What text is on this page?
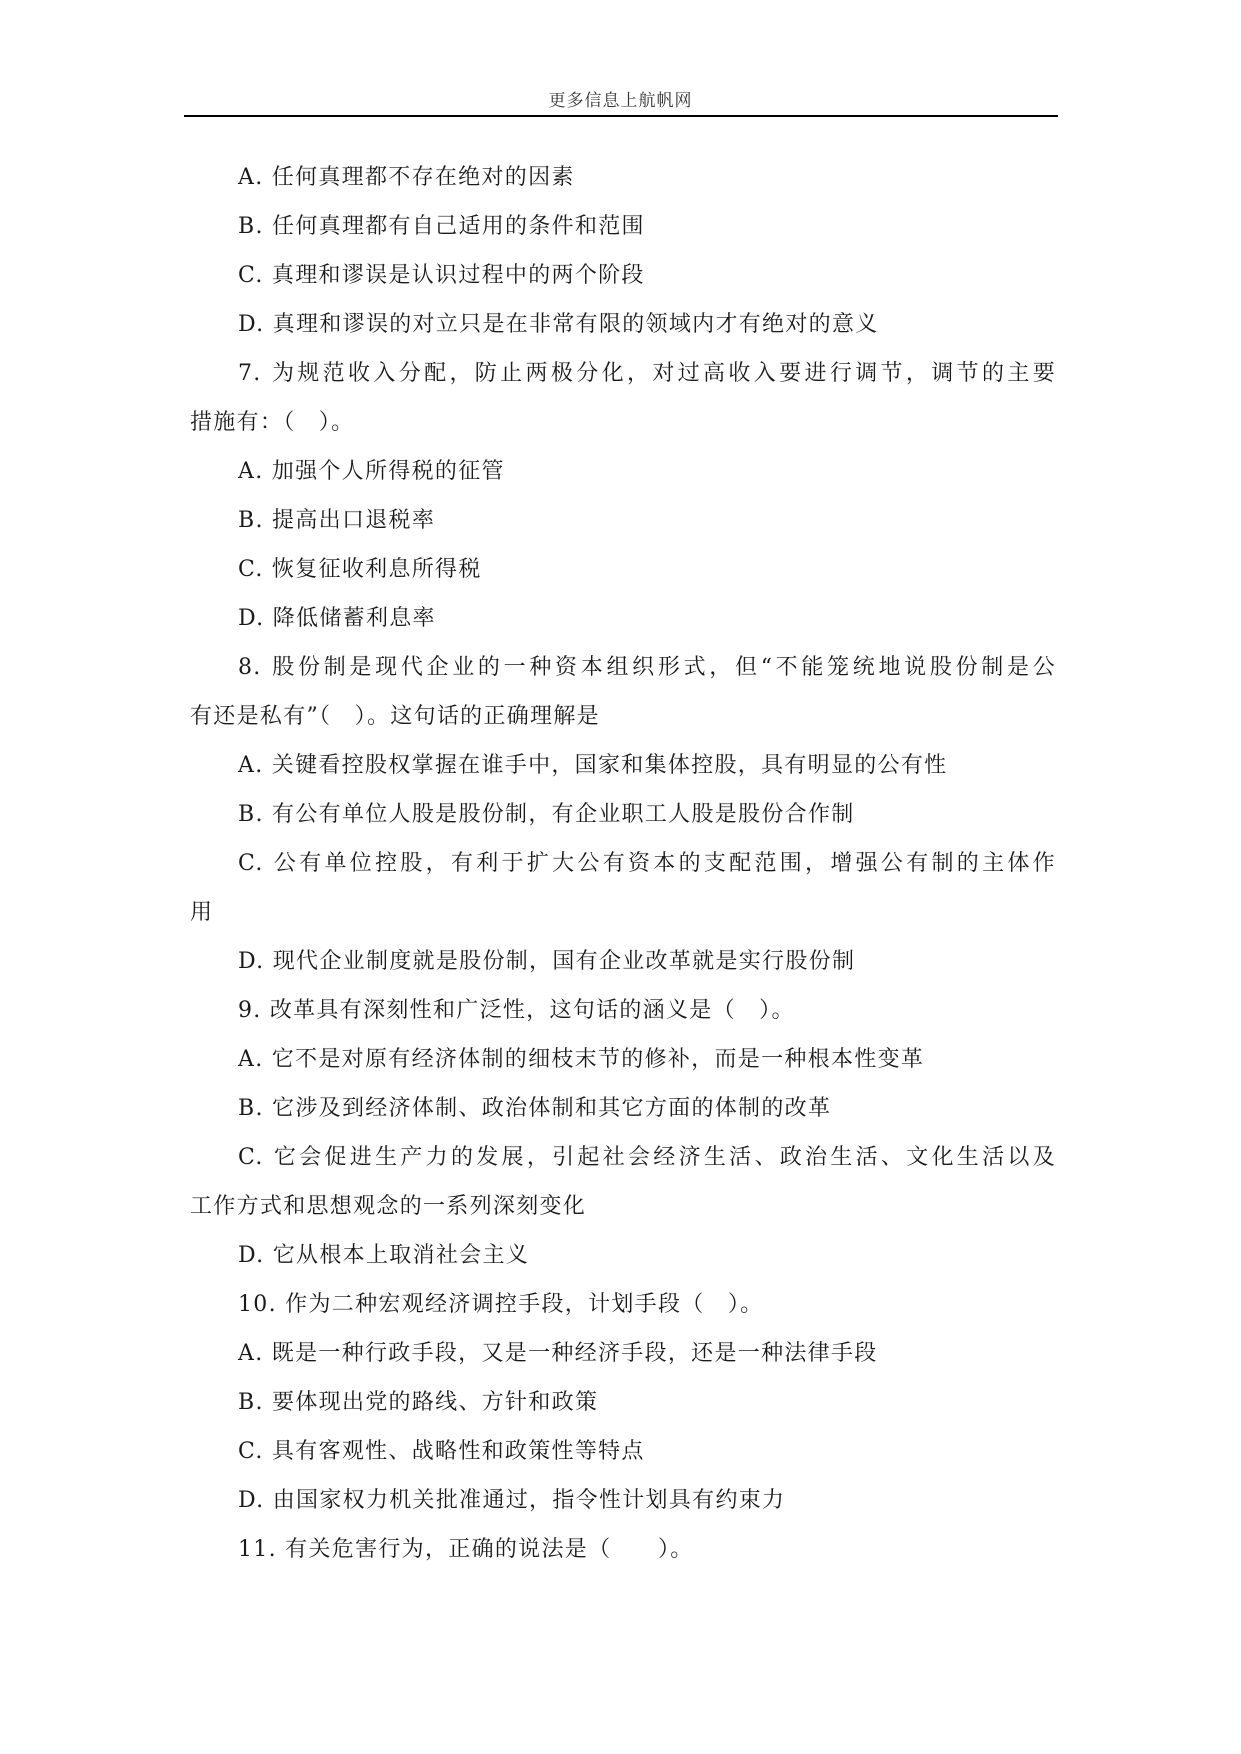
更多信息上航帆网
A. 任何真理都不存在绝对的因素
B. 任何真理都有自己适用的条件和范围
C. 真理和谬误是认识过程中的两个阶段
D. 真理和谬误的对立只是在非常有限的领域内才有绝对的意义
7. 为规范收入分配，防止两极分化，对过高收入要进行调节，调节的主要
措施有：（　）。
A. 加强个人所得税的征管
B. 提高出口退税率
C. 恢复征收利息所得税
D. 降低储蓄利息率
8. 股份制是现代企业的一种资本组织形式，但“不能笼统地说股份制是公
有还是私有”（　）。这句话的正确理解是
A. 关键看控股权掌握在谁手中，国家和集体控股，具有明显的公有性
B. 有公有单位人股是股份制，有企业职工人股是股份合作制
C. 公有单位控股，有利于扩大公有资本的支配范围，增强公有制的主体作
用
D. 现代企业制度就是股份制，国有企业改革就是实行股份制
9. 改革具有深刻性和广泛性，这句话的涵义是（　）。
A. 它不是对原有经济体制的细枝末节的修补，而是一种根本性变革
B. 它涉及到经济体制、政治体制和其它方面的体制的改革
C. 它会促进生产力的发展，引起社会经济生活、政治生活、文化生活以及
工作方式和思想观念的一系列深刻变化
D. 它从根本上取消社会主义
10. 作为二种宏观经济调控手段，计划手段（　）。
A. 既是一种行政手段，又是一种经济手段，还是一种法律手段
B. 要体现出党的路线、方针和政策
C. 具有客观性、战略性和政策性等特点
D. 由国家权力机关批准通过，指令性计划具有约束力
11. 有关危害行为，正确的说法是（　　）。
